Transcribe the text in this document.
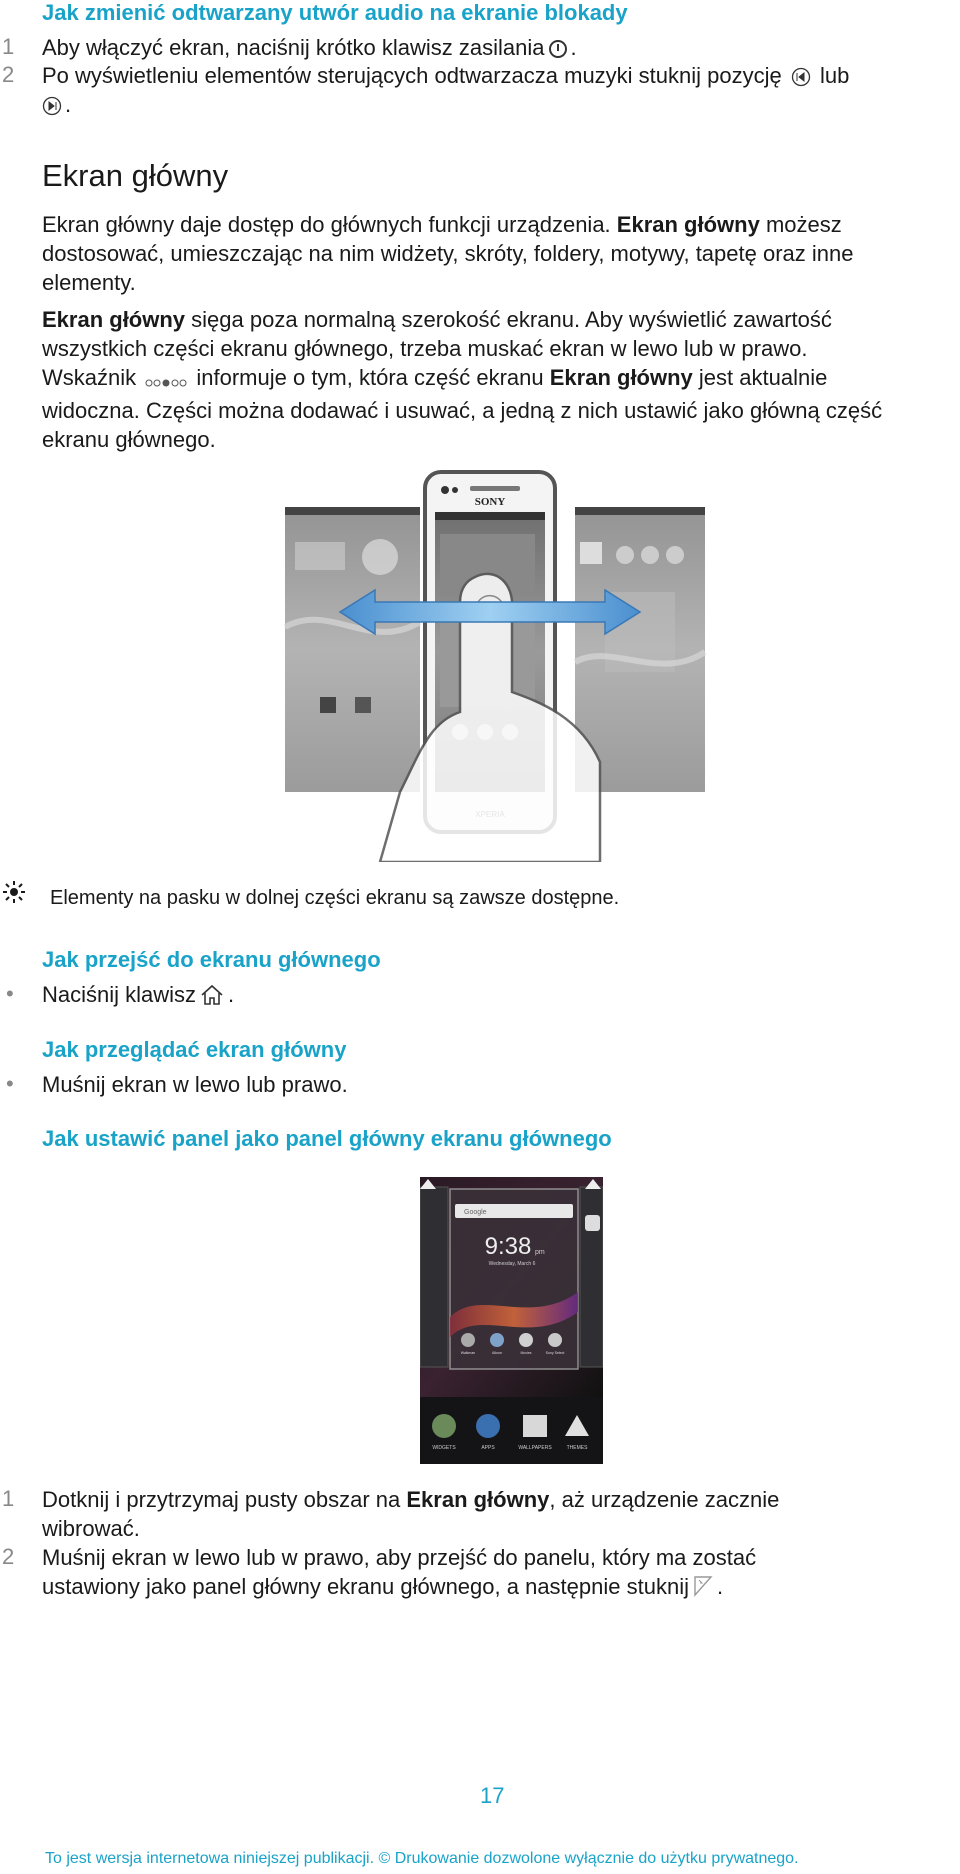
Jak zmienić odtwarzany utwór audio na ekranie blokady
1 Aby włączyć ekran, naciśnij krótko klawisz zasilania .
2 Po wyświetleniu elementów sterujących odtwarzacza muzyki stuknij pozycję lub
.
Ekran główny
Ekran główny daje dostęp do głównych funkcji urządzenia. Ekran główny możesz
dostosować, umieszczając na nim widżety, skróty, foldery, motywy, tapetę oraz inne
elementy.
Ekran główny sięga poza normalną szerokość ekranu. Aby wyświetlić zawartość
wszystkich części ekranu głównego, trzeba muskać ekran w lewo lub w prawo.
Wskaźnik	informuje o tym, która część ekranu Ekran główny jest aktualnie
widoczna. Części można dodawać i usuwać, a jedną z nich ustawić jako główną część
ekranu głównego.
SONY
Elementy na pasku w dolnej części ekranu są zawsze dostępne.
Jak przejść do ekranu głównego
• Naciśnij klawisz .
Jak przeglądać ekran główny
• Muśnij ekran w lewo lub prawo.
Jak ustawić panel jako panel główny ekranu głównego
Google
9:38 pm
Wednesday, March 6
Walkman	Album	Movies	Sony Select
WIDGETS	APPS	WALLPAPERS	THEMES
1 Dotknij i przytrzymaj pusty obszar na Ekran główny, aż urządzenie zacznie
wibrować.
2 Muśnij ekran w lewo lub w prawo, aby przejść do panelu, który ma zostać
ustawiony jako panel główny ekranu głównego, a następnie stuknij .
17
To jest wersja internetowa niniejszej publikacji. © Drukowanie dozwolone wyłącznie do użytku prywatnego.
